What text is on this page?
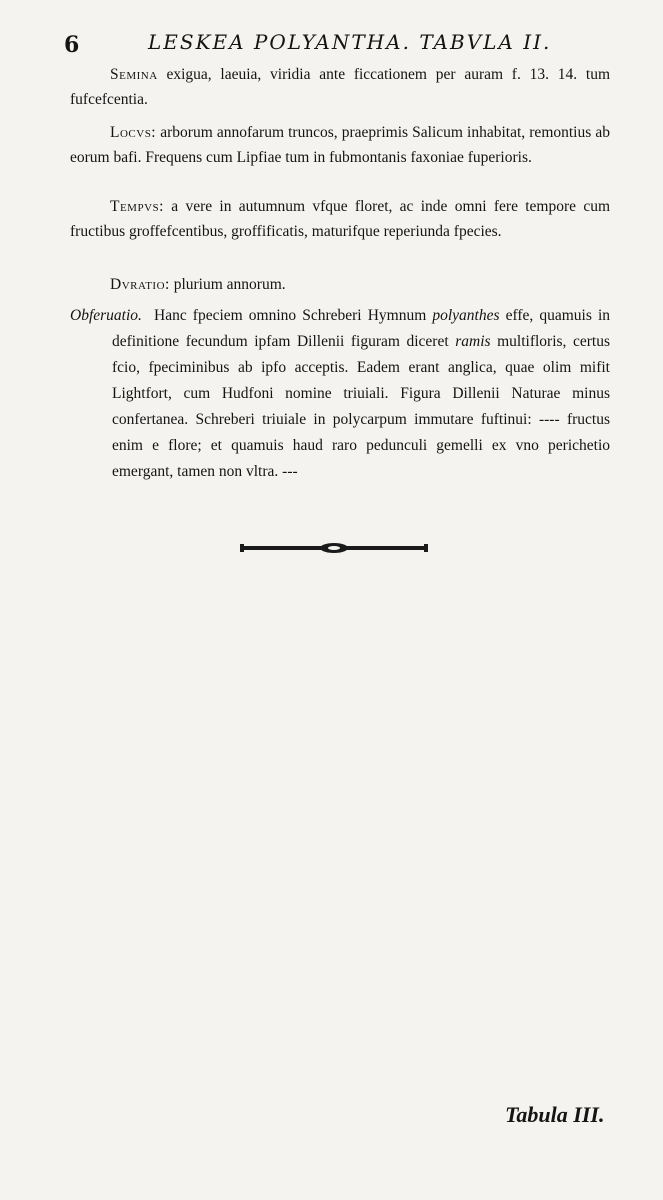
6	LESKEA POLYANTHA. TABVLA II.
Semina exigua, laeuia, viridia ante ficcationem per auram f. 13. 14. tum fufcefcentia.
Locvs: arborum annofarum truncos, praeprimis Salicum inhabitat, remontius ab eorum bafi. Frequens cum Lipfiae tum in fubmontanis faxoniae fuperioris.
Tempvs: a vere in autumnum vfque floret, ac inde omni fere tempore cum fructibus groffefcentibus, groffificatis, maturifque reperiunda fpecies.
Dvratio: plurium annorum.
Obferuatio. Hanc fpeciem omnino Schreberi Hymnum polyanthes effe, quamuis in definitione fecundum ipfam Dillenii figuram diceret ramis multifloris, certus fcio, fpeciminibus ab ipfo acceptis. Eadem erant anglica, quae olim mifit Lightfort, cum Hudfoni nomine triuiali. Figura Dillenii Naturae minus confertanea. Schreberi triuiale in polycarpum immutare fuftinui: ---- fructus enim e flore; et quamuis haud raro pedunculi gemelli ex vno perichetio emergant, tamen non vltra. ---
Tabula III.
